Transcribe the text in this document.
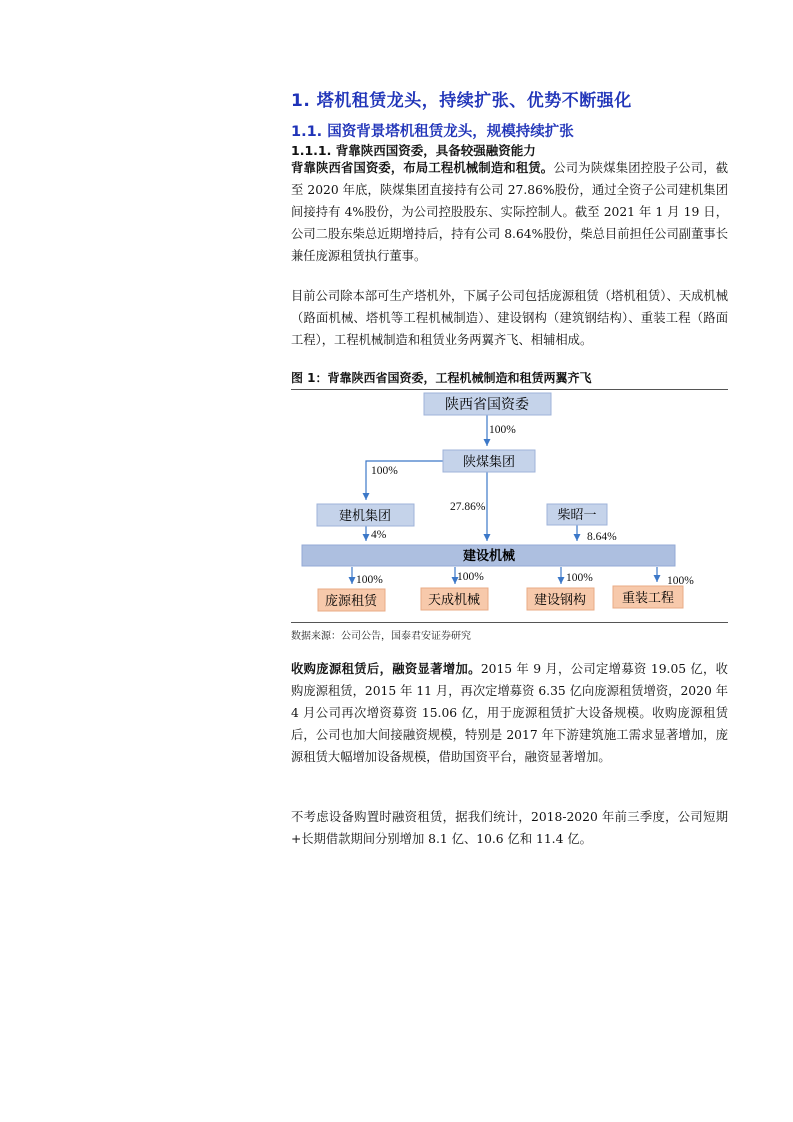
1. 塔机租赁龙头，持续扩张、优势不断强化
1.1. 国资背景塔机租赁龙头，规模持续扩张
1.1.1. 背靠陕西国资委，具备较强融资能力
背靠陕西省国资委，布局工程机械制造和租赁。公司为陕煤集团控股子公司，截至 2020 年底，陕煤集团直接持有公司 27.86%股份，通过全资子公司建机集团间接持有 4%股份，为公司控股股东、实际控制人。截至 2021 年 1 月 19 日，公司二股东柴总近期增持后，持有公司 8.64%股份，柴总目前担任公司副董事长兼任庞源租赁执行董事。
目前公司除本部可生产塔机外，下属子公司包括庞源租赁（塔机租赁）、天成机械（路面机械、塔机等工程机械制造）、建设钢构（建筑钢结构）、重装工程（路面工程），工程机械制造和租赁业务两翼齐飞、相辅相成。
图 1：背靠陕西省国资委，工程机械制造和租赁两翼齐飞
陕西省国资委
陕煤集团
建机集团	柴昭一
建设机械
庞源租赁	天成机械	建设钢构	重装工程
100%
100%
27.86%
4%	8.64%
100%	100%	100%	100%
数据来源：公司公告，国泰君安证券研究
收购庞源租赁后，融资显著增加。2015 年 9 月，公司定增募资 19.05 亿，收购庞源租赁，2015 年 11 月，再次定增募资 6.35 亿向庞源租赁增资，2020 年 4 月公司再次增资募资 15.06 亿，用于庞源租赁扩大设备规模。收购庞源租赁后，公司也加大间接融资规模，特别是 2017 年下游建筑施工需求显著增加，庞源租赁大幅增加设备规模，借助国资平台，融资显著增加。
不考虑设备购置时融资租赁，据我们统计，2018-2020 年前三季度，公司短期+长期借款期间分别增加 8.1 亿、10.6 亿和 11.4 亿。
